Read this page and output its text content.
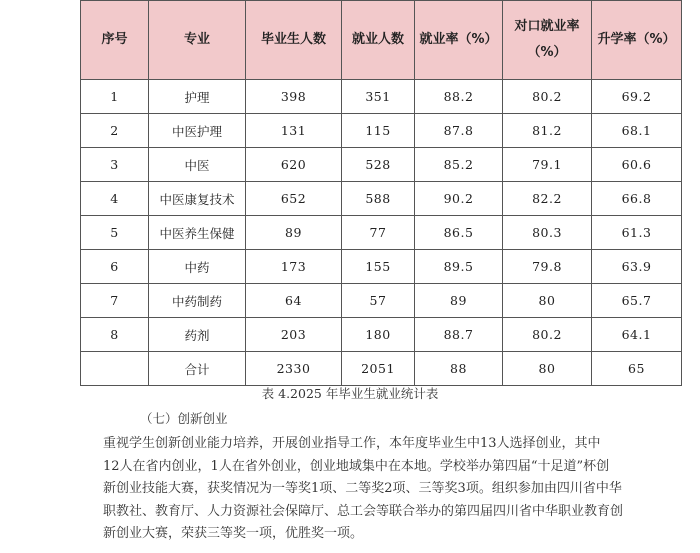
序号	专业	毕业生人数	就业人数	就业率（%）	对口就业率（%）	升学率（%）
1	护理	398	351	88.2	80.2	69.2
2	中医护理	131	115	87.8	81.2	68.1
3	中医	620	528	85.2	79.1	60.6
4	中医康复技术	652	588	90.2	82.2	66.8
5	中医养生保健	89	77	86.5	80.3	61.3
6	中药	173	155	89.5	79.8	63.9
7	中药制药	64	57	89	80	65.7
8	药剂	203	180	88.7	80.2	64.1
	合计	2330	2051	88	80	65
表 4.2025 年毕业生就业统计表
（七）创新创业
重视学生创新创业能力培养，开展创业指导工作，本年度毕业生中13人选择创业，其中
12人在省内创业，1人在省外创业，创业地域集中在本地。学校举办第四届“十足道”杯创
新创业技能大赛，获奖情况为一等奖1项、二等奖2项、三等奖3项。组织参加由四川省中华
职教社、教育厅、人力资源社会保障厅、总工会等联合举办的第四届四川省中华职业教育创
新创业大赛，荣获三等奖一项，优胜奖一项。
